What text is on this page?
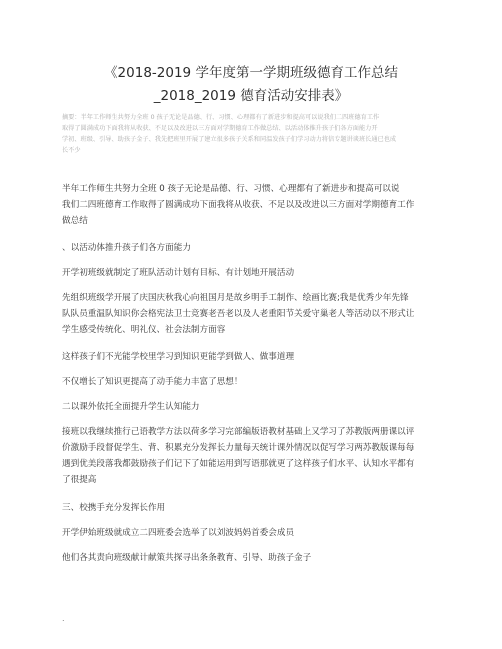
《2018-2019 学年度第一学期班级德育工作总结
_2018_2019 德育活动安排表》

摘要：半年工作师生共努力全班 0 孩子无论是品德、行、习惯、心理都有了新进步和提高可以说我们二四班德育工作

取得了圆满成功下面我将从收获、不足以及改进以三方面对学期德育工作做总结、以活动体推升孩子们各方面能力开

学初、班级、引导、助孩子金子、我先把班里开展了建立很多孩子关系和同温发孩子们学习动力将信专题讲谈班长通已也成

长不少

半年工作师生共努力全班 0 孩子无论是品德、行、习惯、心理都有了新进步和提高可以说

我们二四班德育工作取得了圆满成功下面我将从收获、不足以及改进以三方面对学期德育工作

做总结

、以活动体推升孩子们各方面能力

开学初班级就制定了班队活动计划有目标、有计划地开展活动

先组织班级学开展了庆国庆秋我心向祖国月是故乡明手工制作、绘画比赛;我是优秀少年先锋

队队员重温队知识你会格宪法卫士竞赛老吾老以及人老重阳节关爱守巢老人等活动以不形式让

学生感受传统化、明礼仪、社会法制方面容

这样孩子们不光能学校里学习到知识更能学到做人、做事道理

不仅增长了知识更提高了动手能力丰富了思想！

二以课外依托全面提升学生认知能力

接班以我继续推行己语教学方法以荷多学习完部编版语教材基础上又学习了苏教版两册课以评

价激励手段督促学生、背、积累充分发挥长力量每天统计课外情况以促写学习两苏教版课每每

遇到优美段落我都鼓励孩子们记下了如能运用到写语那就更了这样孩子们水平、认知水平都有

了很提高

三、校携手充分发挥长作用

开学伊始班级就成立二四班委会选举了以刘波妈妈首委会成员

他们各其责向班级献计献策共探寻出条条教育、引导、助孩子金子

.
